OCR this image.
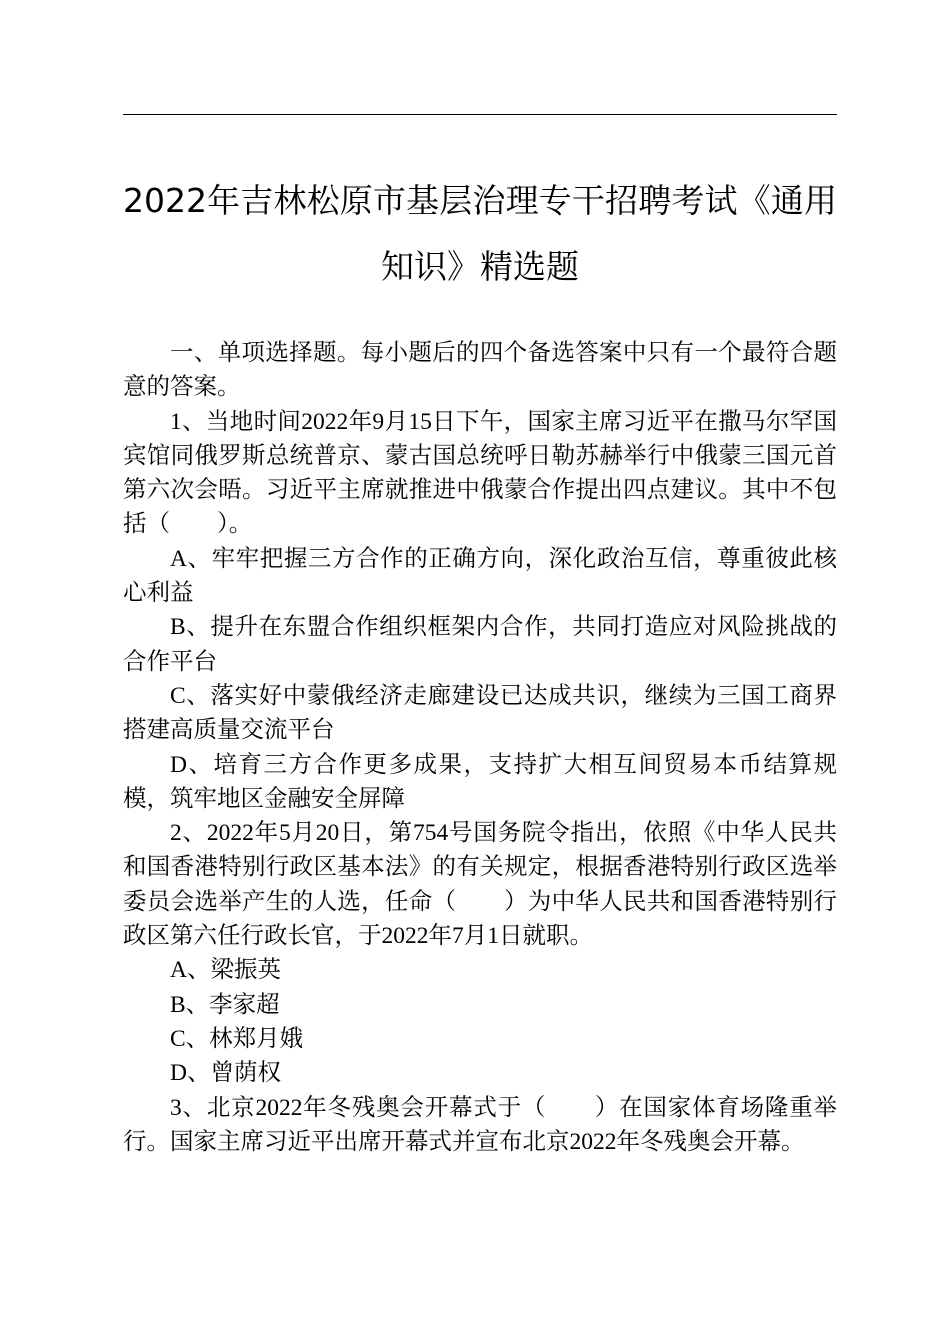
2022年吉林松原市基层治理专干招聘考试《通用知识》精选题

一、单项选择题。每小题后的四个备选答案中只有一个最符合题意的答案。

1、当地时间2022年9月15日下午，国家主席习近平在撒马尔罕国宾馆同俄罗斯总统普京、蒙古国总统呼日勒苏赫举行中俄蒙三国元首第六次会晤。习近平主席就推进中俄蒙合作提出四点建议。其中不包括（　　）。

A、牢牢把握三方合作的正确方向，深化政治互信，尊重彼此核心利益

B、提升在东盟合作组织框架内合作，共同打造应对风险挑战的合作平台

C、落实好中蒙俄经济走廊建设已达成共识，继续为三国工商界搭建高质量交流平台

D、培育三方合作更多成果，支持扩大相互间贸易本币结算规模，筑牢地区金融安全屏障

2、2022年5月20日，第754号国务院令指出，依照《中华人民共和国香港特别行政区基本法》的有关规定，根据香港特别行政区选举委员会选举产生的人选，任命（　　）为中华人民共和国香港特别行政区第六任行政长官，于2022年7月1日就职。

A、梁振英

B、李家超

C、林郑月娥

D、曾荫权

3、北京2022年冬残奥会开幕式于（　　）在国家体育场隆重举行。国家主席习近平出席开幕式并宣布北京2022年冬残奥会开幕。
